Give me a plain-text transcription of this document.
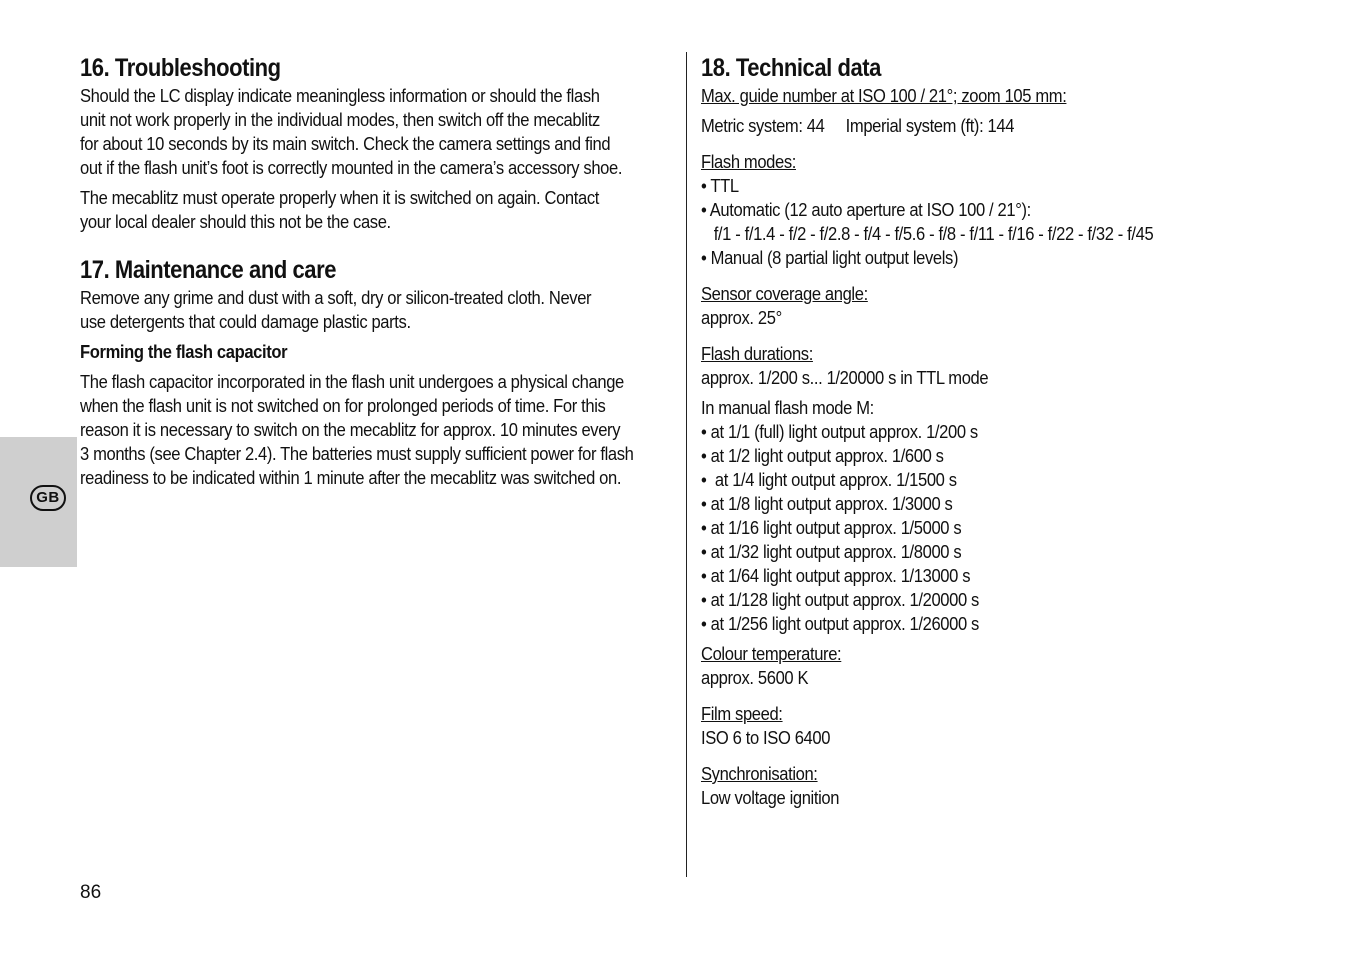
GB
16. Troubleshooting

Should the LC display indicate meaningless information or should the flash

unit not work properly in the individual modes, then switch off the mecablitz

for about 10 seconds by its main switch. Check the camera settings and find

out if the flash unit’s foot is correctly mounted in the camera’s accessory shoe.

The mecablitz must operate properly when it is switched on again. Contact

your local dealer should this not be the case.

17. Maintenance and care

Remove any grime and dust with a soft, dry or silicon-treated cloth. Never

use detergents that could damage plastic parts.

Forming the flash capacitor

The flash capacitor incorporated in the flash unit undergoes a physical change

when the flash unit is not switched on for prolonged periods of time. For this

reason it is necessary to switch on the mecablitz for approx. 10 minutes every

3 months (see Chapter 2.4). The batteries must supply sufficient power for flash

readiness to be indicated within 1 minute after the mecablitz was switched on.

18. Technical data

Max. guide number at ISO 100 / 21°; zoom 105 mm:

Metric system: 44     Imperial system (ft): 144

Flash modes:

• TTL
• Automatic (12 auto aperture at ISO 100 / 21°):
f/1 - f/1.4 - f/2 - f/2.8 - f/4 - f/5.6 - f/8 - f/11 - f/16 - f/22 - f/32 - f/45
• Manual (8 partial light output levels)

Sensor coverage angle:

approx. 25°

Flash durations:

approx. 1/200 s... 1/20000 s in TTL mode

In manual flash mode M:

• at 1/1 (full) light output approx. 1/200 s
• at 1/2 light output approx. 1/600 s
•  at 1/4 light output approx. 1/1500 s
• at 1/8 light output approx. 1/3000 s
• at 1/16 light output approx. 1/5000 s
• at 1/32 light output approx. 1/8000 s
• at 1/64 light output approx. 1/13000 s
• at 1/128 light output approx. 1/20000 s
• at 1/256 light output approx. 1/26000 s

Colour temperature:

approx. 5600 K

Film speed:

ISO 6 to ISO 6400

Synchronisation:

Low voltage ignition

86
